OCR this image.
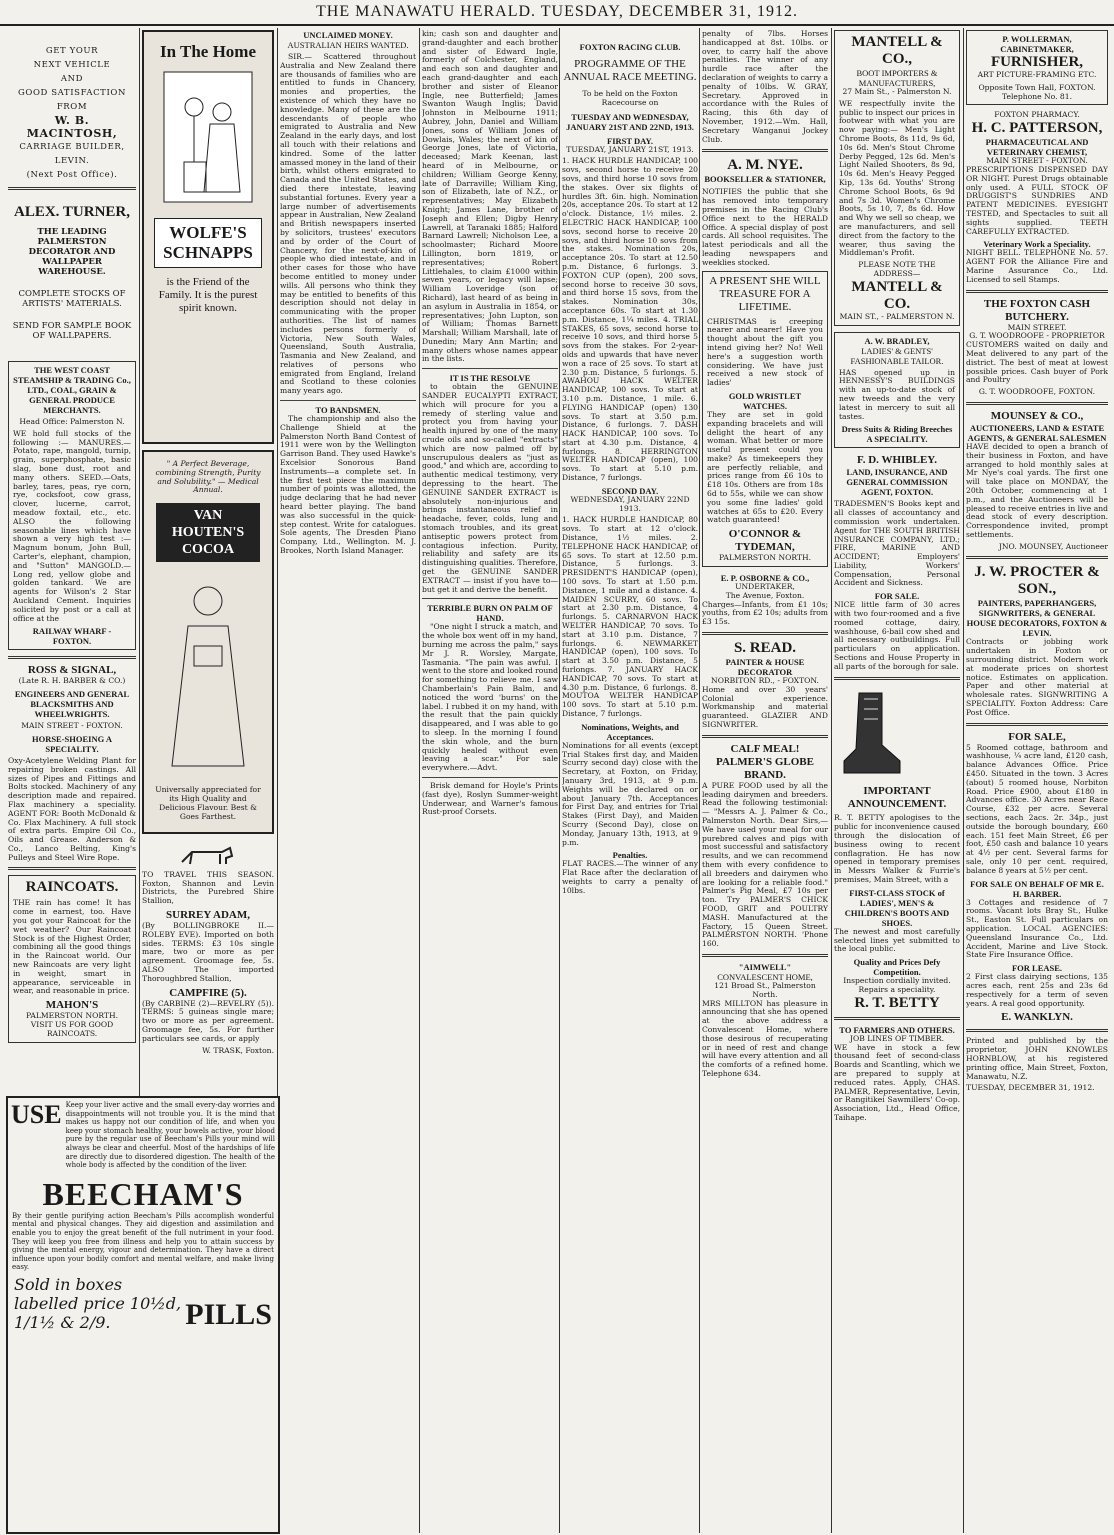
THE MANAWATU HERALD. TUESDAY, DECEMBER 31, 1912.
GET YOUR
NEXT VEHICLE
AND
GOOD SATISFACTION
FROM
W. B. MACINTOSH,
CARRIAGE BUILDER,
LEVIN.
(Next Post Office).
ALEX. TURNER,
THE LEADING PALMERSTON DECORATOR AND WALLPAPER WAREHOUSE.
COMPLETE STOCKS OF ARTISTS' MATERIALS.
SEND FOR SAMPLE BOOK OF WALLPAPERS.
THE WEST COAST STEAMSHIP & TRADING Co., LTD., COAL, GRAIN & GENERAL PRODUCE MERCHANTS.
Head Office: Palmerston N.

WE hold full stocks of the following :— MANURES.—Potato, rape, mangold, turnip, grain, superphosphate, basic slag, bone dust, root and many others. SEED.—Oats, barley, tares, peas, rye corn, rye, cocksfoot, cow grass, clover, lucerne, carrot, meadow foxtail, etc., etc. ALSO the following seasonable lines which have shown a very high test :— Magnum bonum, John Bull, Carter's, elephant, champion, and "Sutton" MANGOLD.—Long red, yellow globe and golden tankard. We are agents for Wilson's 2 Star Auckland Cement. Inquiries solicited by post or a call at office at the

RAILWAY WHARF - FOXTON.
ROSS & SIGNAL,
(Late R. H. BARBER & CO.)
ENGINEERS AND GENERAL BLACKSMITHS AND WHEELWRIGHTS.
MAIN STREET - FOXTON.
HORSE-SHOEING A SPECIALITY.

Oxy-Acetylene Welding Plant for repairing broken castings. All sizes of Pipes and Fittings and Bolts stocked. Machinery of any description made and repaired. Flax machinery a speciality. AGENT FOR: Booth McDonald & Co. Flax Machinery. A full stock of extra parts. Empire Oil Co., Oils and Grease. Anderson & Co., Lanco Belting, King's Pulleys and Steel Wire Rope.

RAINCOATS.

THE rain has come! It has come in earnest, too. Have you got your Raincoat for the wet weather? Our Raincoat Stock is of the Highest Order, combining all the good things in the Raincoat world. Our new Raincoats are very light in weight, smart in appearance, serviceable in wear, and reasonable in price.

MAHON'S
PALMERSTON NORTH.
VISIT US FOR GOOD RAINCOATS.
In The Home
WOLFE'S SCHNAPPS
is the Friend of the Family. It is the purest spirit known.
" A Perfect Beverage, combining Strength, Purity and Solubility." — Medical Annual.
VAN HOUTEN'S COCOA
Universally appreciated for its High Quality and Delicious Flavour. Best & Goes Farthest.

TO TRAVEL THIS SEASON. Foxton, Shannon and Levin Districts, the Purebred Shire Stallion,

SURREY ADAM,

(By BOLLINGBROKE II.—ROLEBY EVE). Imported on both sides. TERMS: £3 10s single mare, two or more as per agreement. Groomage fee, 5s. ALSO The imported Thoroughbred Stallion,

CAMPFIRE (5).

(By CARBINE (2)—REVELRY (5)). TERMS: 5 guineas single mare; two or more as per agreement. Groomage fee, 5s. For further particulars see cards, or apply

W. TRASK, Foxton.
UNCLAIMED MONEY.
AUSTRALIAN HEIRS WANTED.

SIR.— Scattered throughout Australia and New Zealand there are thousands of families who are entitled to funds in Chancery, monies and properties, the existence of which they have no knowledge. Many of these are the descendants of people who emigrated to Australia and New Zealand in the early days, and lost all touch with their relations and kindred. Some of the latter amassed money in the land of their birth, whilst others emigrated to Canada and the United States, and died there intestate, leaving substantial fortunes. Every year a large number of advertisements appear in Australian, New Zealand and British newspapers inserted by solicitors, trustees' executors and by order of the Court of Chancery, for the next-of-kin of people who died intestate, and in other cases for those who have become entitled to money under wills. All persons who think they may be entitled to benefits of this description should not delay in communicating with the proper authorities. The list of names includes persons formerly of Victoria, New South Wales, Queensland, South Australia, Tasmania and New Zealand, and relatives of persons who emigrated from England, Ireland and Scotland to these colonies many years ago.

TO BANDSMEN.

The championship and also the Challenge Shield at the Palmerston North Band Contest of 1911 were won by the Wellington Garrison Band. They used Hawke's Excelsior Sonorous Band Instruments—a complete set. In the first test piece the maximum number of points was allotted, the judge declaring that he had never heard better playing. The band was also successful in the quick-step contest. Write for catalogues. Sole agents, The Dresden Piano Company, Ltd., Wellington. M. J. Brookes, North Island Manager.

kin; cash son and daughter and grand-daughter and each brother and sister of Edward Ingle, formerly of Colchester, England, and each son and daughter and each grand-daughter and each brother and sister of Eleanor Ingle, nee Butterfield; James Swanton Waugh Inglis; David Johnston in Melbourne 1911; Aubrey, John, Daniel and William Jones, sons of William Jones of Dowlais, Wales; the next of kin of George Jones, late of Victoria, deceased; Mark Keenan, last heard of in Melbourne, or children; William George Kenny, late of Darraville; William King, son of Elizabeth, late of N.Z., or representatives; May Elizabeth Knight; James Lane, brother of Joseph and Ellen; Digby Henry Lawrell, at Taranaki 1885; Halford Barnard Lawrell; Nicholson Lee, a schoolmaster; Richard Moore Lillington, born 1819, or representatives; Robert Littlehales, to claim £1000 within seven years, or legacy will lapse; William Loveridge (son of Richard), last heard of as being in an asylum in Australia in 1854, or representatives; John Lupton, son of William; Thomas Barnett Marshall; William Marshall, late of Dunedin; Mary Ann Martin; and many others whose names appear in the lists.

IT IS THE RESOLVE

to obtain the GENUINE SANDER EUCALYPTI EXTRACT, which will procure for you a remedy of sterling value and protect you from having your health injured by one of the many crude oils and so-called "extracts" which are now palmed off by unscrupulous dealers as "just as good," and which are, according to authentic medical testimony, very depressing to the heart. The GENUINE SANDER EXTRACT is absolutely non-injurious and brings instantaneous relief in headache, fever, colds, lung and stomach troubles, and its great antiseptic powers protect from contagious infection. Purity, reliability and safety are its distinguishing qualities. Therefore, get the GENUINE SANDER EXTRACT — insist if you have to—but get it and derive the benefit.

TERRIBLE BURN ON PALM OF HAND.

"One night I struck a match, and the whole box went off in my hand, burning me across the palm," says Mr J. R. Worsley, Margate, Tasmania. "The pain was awful. I went to the store and looked round for something to relieve me. I saw Chamberlain's Pain Balm, and noticed the word 'burns' on the label. I rubbed it on my hand, with the result that the pain quickly disappeared, and I was able to go to sleep. In the morning I found the skin whole, and the burn quickly healed without even leaving a scar." For sale everywhere.—Advt.

Brisk demand for Hoyle's Prints (fast dye), Roslyn Summer-weight Underwear, and Warner's famous Rust-proof Corsets.

FOXTON RACING CLUB.
PROGRAMME OF THE ANNUAL RACE MEETING.
To be held on the Foxton Racecourse on
TUESDAY AND WEDNESDAY, JANUARY 21ST AND 22ND, 1913.
FIRST DAY.
TUESDAY, JANUARY 21ST, 1913.

1. HACK HURDLE HANDICAP, 100 sovs, second horse to receive 20 sovs, and third horse 10 sovs from the stakes. Over six flights of hurdles 3ft. 6in. high. Nomination 20s, acceptance 20s. To start at 12 o'clock. Distance, 1½ miles. 2. ELECTRIC HACK HANDICAP, 100 sovs, second horse to receive 20 sovs, and third horse 10 sovs from the stakes. Nomination 20s, acceptance 20s. To start at 12.50 p.m. Distance, 6 furlongs. 3. FOXTON CUP (open), 200 sovs, second horse to receive 30 sovs, and third horse 15 sovs, from the stakes. Nomination 30s, acceptance 60s. To start at 1.30 p.m. Distance, 1¼ miles. 4. TRIAL STAKES, 65 sovs, second horse to receive 10 sovs, and third horse 5 sovs from the stakes. For 2-year-olds and upwards that have never won a race of 25 sovs. To start at 2.30 p.m. Distance, 5 furlongs. 5. AWAHOU HACK WELTER HANDICAP, 100 sovs. To start at 3.10 p.m. Distance, 1 mile. 6. FLYING HANDICAP (open) 130 sovs. To start at 3.50 p.m. Distance, 6 furlongs. 7. DASH HACK HANDICAP, 100 sovs. To start at 4.30 p.m. Distance, 4 furlongs. 8. HERRINGTON WELTER HANDICAP (open), 100 sovs. To start at 5.10 p.m. Distance, 7 furlongs.

SECOND DAY.
WEDNESDAY, JANUARY 22ND 1913.

1. HACK HURDLE HANDICAP, 80 sovs. To start at 12 o'clock. Distance, 1½ miles. 2. TELEPHONE HACK HANDICAP, of 65 sovs. To start at 12.50 p.m. Distance, 5 furlongs. 3. PRESIDENT'S HANDICAP (open), 100 sovs. To start at 1.50 p.m. Distance, 1 mile and a distance. 4. MAIDEN SCURRY, 60 sovs. To start at 2.30 p.m. Distance, 4 furlongs. 5. CARNARVON HACK WELTER HANDICAP, 70 sovs. To start at 3.10 p.m. Distance, 7 furlongs. 6. NEWMARKET HANDICAP (open), 100 sovs. To start at 3.50 p.m. Distance, 5 furlongs. 7. JANUARY HACK HANDICAP, 70 sovs. To start at 4.30 p.m. Distance, 6 furlongs. 8. MOUTOA WELTER HANDICAP 100 sovs. To start at 5.10 p.m. Distance, 7 furlongs.

Nominations, Weights, and Acceptances.

Nominations for all events (except Trial Stakes first day, and Maiden Scurry second day) close with the Secretary, at Foxton, on Friday, January 3rd, 1913, at 9 p.m. Weights will be declared on or about January 7th. Acceptances for First Day, and entries for Trial Stakes (First Day), and Maiden Scurry (Second Day), close on Monday, January 13th, 1913, at 9 p.m.

Penalties.

FLAT RACES.—The winner of any Flat Race after the declaration of weights to carry a penalty of 10lbs.

penalty of 7lbs. Horses handicapped at 8st. 10lbs. or over, to carry half the above penalties. The winner of any hurdle race after the declaration of weights to carry a penalty of 10lbs. W. GRAY, Secretary. Approved in accordance with the Rules of Racing, this 6th day of November, 1912.—Wm. Hall, Secretary Wanganui Jockey Club.

A. M. NYE.
BOOKSELLER & STATIONER,

NOTIFIES the public that she has removed into temporary premises in the Racing Club's Office next to the HERALD Office. A special display of post cards. All school requisites. The latest periodicals and all the leading newspapers and weeklies stocked.

A PRESENT SHE WILL TREASURE FOR A LIFETIME.

CHRISTMAS is creeping nearer and nearer! Have you thought about the gift you intend giving her? No! Well here's a suggestion worth considering. We have just received a new stock of ladies'

GOLD WRISTLET WATCHES.

They are set in gold expanding bracelets and will delight the heart of any woman. What better or more useful present could you make? As timekeepers they are perfectly reliable, and prices range from £6 10s to £18 10s. Others are from 18s 6d to 55s, while we can show you some fine ladies' gold watches at 65s to £20. Every watch guaranteed!

O'CONNOR & TYDEMAN,
PALMERSTON NORTH.
E. P. OSBORNE & CO.,
UNDERTAKER,
The Avenue, Foxton.

Charges—Infants, from £1 10s; youths, from £2 10s; adults from £3 15s.

S. READ.
PAINTER & HOUSE DECORATOR
NORBITON RD., - FOXTON.

Home and over 30 years' Colonial experience. Workmanship and material guaranteed. GLAZIER AND SIGNWRITER.

CALF MEAL! PALMER'S GLOBE BRAND.

A PURE FOOD used by all the leading dairymen and breeders. Read the following testimonial:— "Messrs A. J. Palmer & Co., Palmerston North. Dear Sirs,—We have used your meal for our purebred calves and pigs with most successful and satisfactory results, and we can recommend them with every confidence to all breeders and dairymen who are looking for a reliable food." Palmer's Pig Meal, £7 10s per ton. Try PALMER'S CHICK FOOD, GRIT and POULTRY MASH. Manufactured at the Factory, 15 Queen Street. PALMERSTON NORTH. 'Phone 160.

"AIMWELL"
CONVALESCENT HOME,
121 Broad St., Palmerston North.

MRS MILLTON has pleasure in announcing that she has opened at the above address a Convalescent Home, where those desirous of recuperating or in need of rest and change will have every attention and all the comforts of a refined home. Telephone 634.

MANTELL & CO.,
BOOT IMPORTERS & MANUFACTURERS,
27 Main St., - Palmerston N.

WE respectfully invite the public to inspect our prices in footwear with what you are now paying:— Men's Light Chrome Boots, 8s 11d, 9s 6d, 10s 6d. Men's Stout Chrome Derby Pegged, 12s 6d. Men's Light Nailed Shooters, 8s 9d, 10s 6d. Men's Heavy Pegged Kip, 13s 6d. Youths' Strong Chrome School Boots, 6s 9d and 7s 3d. Women's Chrome Boots, 5s 10, 7, 8s 6d. How and Why we sell so cheap, we are manufacturers, and sell direct from the factory to the wearer, thus saving the Middleman's Profit.

PLEASE NOTE THE ADDRESS—
MANTELL & CO.
MAIN ST., - PALMERSTON N.
A. W. BRADLEY,
LADIES' & GENTS' FASHIONABLE TAILOR.

HAS opened up in HENNESSY'S BUILDINGS with an up-to-date stock of new tweeds and the very latest in mercery to suit all tastes.

Dress Suits & Riding Breeches A SPECIALITY.
F. D. WHIBLEY.
LAND, INSURANCE, AND GENERAL COMMISSION AGENT, FOXTON.

TRADESMEN'S Books kept and all classes of accountancy and commission work undertaken. Agent for THE SOUTH BRITISH INSURANCE COMPANY, LTD.; FIRE, MARINE AND ACCIDENT; Employers' Liability, Workers' Compensation, Personal Accident and Sickness.

FOR SALE.

NICE little farm of 30 acres with two four-roomed and a five roomed cottage, dairy, washhouse, 6-bail cow shed and all necessary outbuildings. Full particulars on application. Sections and House Property in all parts of the borough for sale.

IMPORTANT ANNOUNCEMENT.

R. T. BETTY apologises to the public for inconvenience caused through the dislocation of business owing to recent conflagration. He has now opened in temporary premises in Messrs Walker & Furrie's premises, Main Street, with a

FIRST-CLASS STOCK of LADIES', MEN'S & CHILDREN'S BOOTS AND SHOES.

The newest and most carefully selected lines yet submitted to the local public.

Quality and Prices Defy Competition.
Inspection cordially invited. Repairs a speciality.
R. T. BETTY
TO FARMERS AND OTHERS.
JOB LINES OF TIMBER.

WE have in stock a few thousand feet of second-class Boards and Scantling, which we are prepared to supply at reduced rates. Apply, CHAS. PALMER, Representative, Levin, or Rangitikei Sawmillers' Co-op. Association, Ltd., Head Office, Taihape.

P. WOLLERMAN,
CABINETMAKER,
FURNISHER,
ART PICTURE-FRAMING ETC.
Opposite Town Hall, FOXTON.
Telephone No. 81.
FOXTON PHARMACY.
H. C. PATTERSON,
PHARMACEUTICAL AND VETERINARY CHEMIST,
MAIN STREET - FOXTON.

PRESCRIPTIONS DISPENSED DAY OR NIGHT. Purest Drugs obtainable only used. A FULL STOCK OF DRUGGIST'S SUNDRIES AND PATENT MEDICINES. EYESIGHT TESTED, and Spectacles to suit all sights supplied. TEETH CAREFULLY EXTRACTED.

Veterinary Work a Speciality.

NIGHT BELL. TELEPHONE No. 57. AGENT FOR the Alliance Fire and Marine Assurance Co., Ltd. Licensed to sell Stamps.

THE FOXTON CASH BUTCHERY.
MAIN STREET.
G. T. WOODROOFE - PROPRIETOR

CUSTOMERS waited on daily and Meat delivered to any part of the district. The best of meat at lowest possible prices. Cash buyer of Pork and Poultry

G. T. WOODROOFE, FOXTON.
MOUNSEY & CO.,
AUCTIONEERS, LAND & ESTATE AGENTS, & GENERAL SALESMEN

HAVE decided to open a branch of their business in Foxton, and have arranged to hold monthly sales at Mr Nye's coal yards. The first one will take place on MONDAY, the 20th October, commencing at 1 p.m., and the Auctioneers will be pleased to receive entries in live and dead stock of every description. Correspondence invited, prompt settlements.

JNO. MOUNSEY, Auctioneer
J. W. PROCTER & SON.,
PAINTERS, PAPERHANGERS, SIGNWRITERS, & GENERAL HOUSE DECORATORS, FOXTON & LEVIN.

Contracts or jobbing work undertaken in Foxton or surrounding district. Modern work at moderate prices on shortest notice. Estimates on application. Paper and other material at wholesale rates. SIGNWRITING A SPECIALITY. Foxton Address: Care Post Office.

FOR SALE,

5 Roomed cottage, bathroom and washhouse, ¼ acre land, £120 cash, balance Advances Office. Price £450. Situated in the town. 3 Acres (about) 5 roomed house, Norbiton Road. Price £900, about £180 in Advances office. 30 Acres near Race Course, £32 per acre. Several sections, each 2acs. 2r. 34p., just outside the borough boundary, £60 each. 151 feet Main Street, £6 per foot, £50 cash and balance 10 years at 4½ per cent. Several farms for sale, only 10 per cent. required, balance 8 years at 5½ per cent.

FOR SALE ON BEHALF OF MR E. H. BARBER.

3 Cottages and residence of 7 rooms. Vacant lots Bray St., Hulke St., Easton St. Full particulars on application. LOCAL AGENCIES: Queensland Insurance Co., Ltd. Accident, Marine and Live Stock. State Fire Insurance Office.

FOR LEASE.

2 First class dairying sections, 135 acres each, rent 25s and 23s 6d respectively for a term of seven years. A real good opportunity.

E. WANKLYN.

Printed and published by the proprietor, JOHN KNOWLES HORNBLOW, at his registered printing office, Main Street, Foxton, Manawatu, N.Z.

TUESDAY, DECEMBER 31, 1912.
USE Keep your liver active and the small every-day worries and disappointments will not trouble you. It is the mind that makes us happy not our condition of life, and when you keep your stomach healthy, your bowels active, your blood pure by the regular use of Beecham's Pills your mind will always be clear and cheerful. Most of the hardships of life are directly due to disordered digestion. The health of the whole body is affected by the condition of the liver.

BEECHAM'S

By their gentle purifying action Beecham's Pills accomplish wonderful mental and physical changes. They aid digestion and assimilation and enable you to enjoy the great benefit of the full nutriment in your food. They will keep you free from illness and help you to attain success by giving the mental energy, vigour and determination. They have a direct influence upon your bodily comfort and mental welfare, and make living easy.

Sold in boxes labelled price 10½d, 1/1½ & 2/9.	PILLS
